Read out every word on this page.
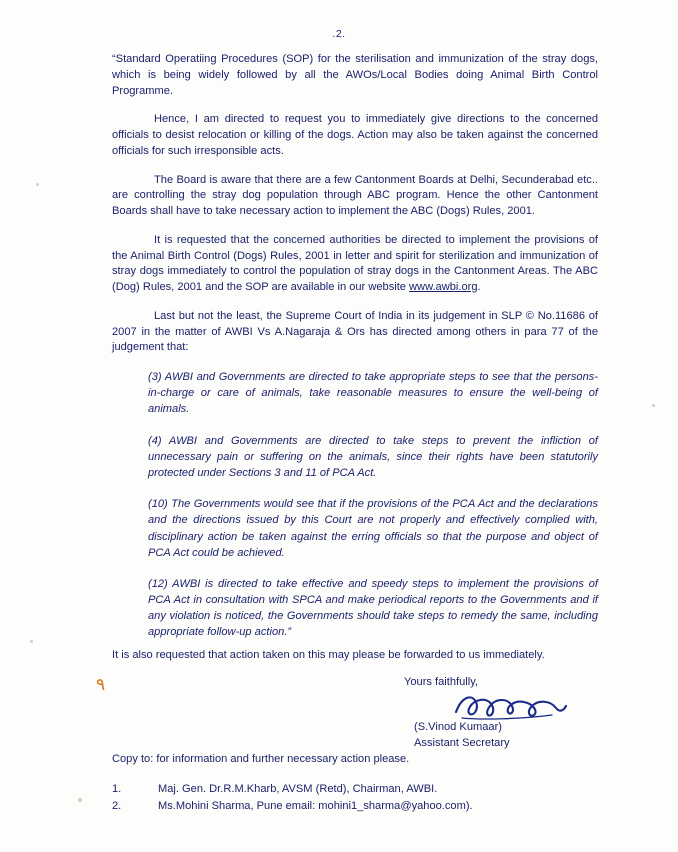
.2.

“Standard Operatiing Procedures (SOP) for the sterilisation and immunization of the stray dogs, which is being widely followed by all the AWOs/Local Bodies doing Animal Birth Control Programme.

Hence, I am directed to request you to immediately give directions to the concerned officials to desist relocation or killing of the dogs. Action may also be taken against the concerned officials for such irresponsible acts.

The Board is aware that there are a few Cantonment Boards at Delhi, Secunderabad etc.. are controlling the stray dog population through ABC program. Hence the other Cantonment Boards shall have to take necessary action to implement the ABC (Dogs) Rules, 2001.

It is requested that the concerned authorities be directed to implement the provisions of the Animal Birth Control (Dogs) Rules, 2001 in letter and spirit for sterilization and immunization of stray dogs immediately to control the population of stray dogs in the Cantonment Areas. The ABC (Dog) Rules, 2001 and the SOP are available in our website www.awbi.org.

Last but not the least, the Supreme Court of India in its judgement in SLP © No.11686 of 2007 in the matter of AWBI Vs A.Nagaraja & Ors has directed among others in para 77 of the judgement that:

(3) AWBI and Governments are directed to take appropriate steps to see that the persons-in-charge or care of animals, take reasonable measures to ensure the well-being of animals.

(4) AWBI and Governments are directed to take steps to prevent the infliction of unnecessary pain or suffering on the animals, since their rights have been statutorily protected under Sections 3 and 11 of PCA Act.

(10) The Governments would see that if the provisions of the PCA Act and the declarations and the directions issued by this Court are not properly and effectively complied with, disciplinary action be taken against the erring officials so that the purpose and object of PCA Act could be achieved.

(12) AWBI is directed to take effective and speedy steps to implement the provisions of PCA Act in consultation with SPCA and make periodical reports to the Governments and if any violation is noticed, the Governments should take steps to remedy the same, including appropriate follow-up action.”

It is also requested that action taken on this may please be forwarded to us immediately.
٩	Yours faithfully,
(S.Vinod Kumaar)
Assistant Secretary
Copy to: for information and further necessary action please.
1.	Maj. Gen. Dr.R.M.Kharb, AVSM (Retd), Chairman, AWBI.
2.	Ms.Mohini Sharma, Pune email: mohini1_sharma@yahoo.com).
